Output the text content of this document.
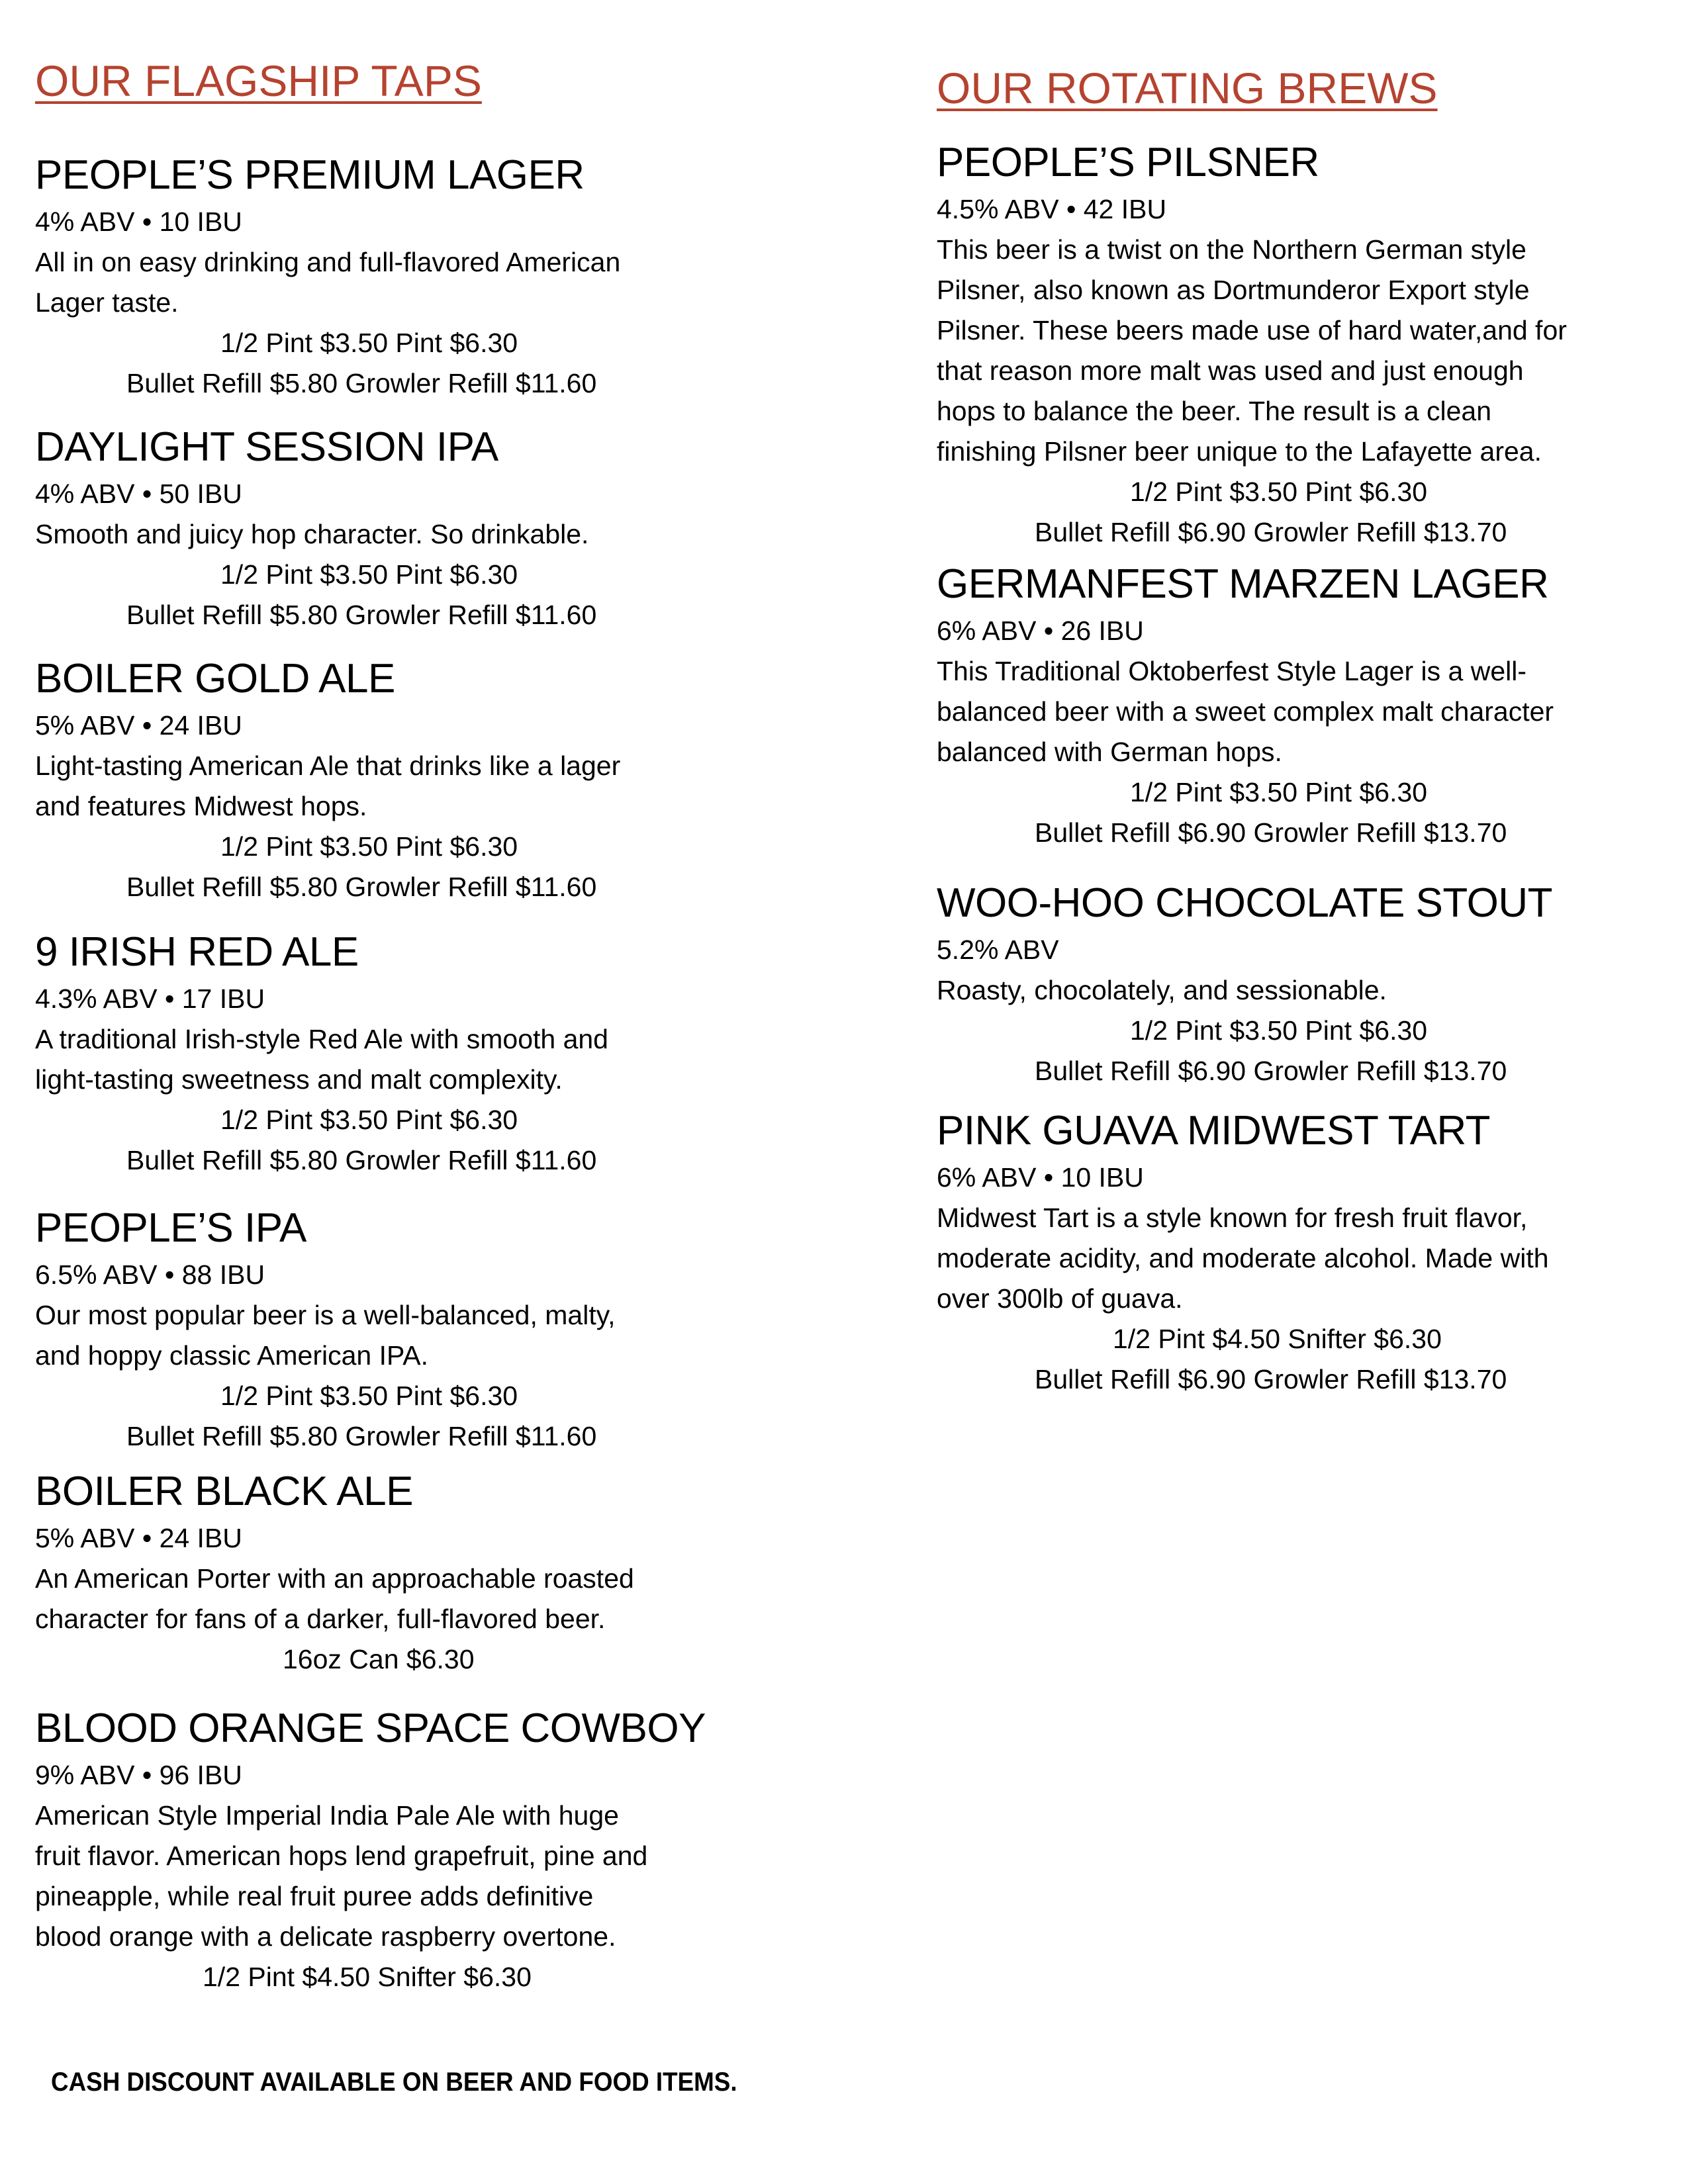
OUR FLAGSHIP TAPS
PEOPLE’S PREMIUM LAGER

4% ABV • 10 IBU

All in on easy drinking and full-flavored American

Lager taste.

1/2 Pint $3.50 Pint $6.30

Bullet Refill $5.80 Growler Refill $11.60

DAYLIGHT SESSION IPA

4% ABV • 50 IBU

Smooth and juicy hop character. So drinkable.

1/2 Pint $3.50 Pint $6.30

Bullet Refill $5.80 Growler Refill $11.60

BOILER GOLD ALE

5% ABV • 24 IBU

Light-tasting American Ale that drinks like a lager

and features Midwest hops.

1/2 Pint $3.50 Pint $6.30

Bullet Refill $5.80 Growler Refill $11.60

9 IRISH RED ALE

4.3% ABV • 17 IBU

A traditional Irish-style Red Ale with smooth and

light-tasting sweetness and malt complexity.

1/2 Pint $3.50 Pint $6.30

Bullet Refill $5.80 Growler Refill $11.60

PEOPLE’S IPA

6.5% ABV • 88 IBU

Our most popular beer is a well-balanced, malty,

and hoppy classic American IPA.

1/2 Pint $3.50 Pint $6.30

Bullet Refill $5.80 Growler Refill $11.60

BOILER BLACK ALE

5% ABV • 24 IBU

An American Porter with an approachable roasted

character for fans of a darker, full-flavored beer.

16oz Can $6.30

BLOOD ORANGE SPACE COWBOY

9% ABV • 96 IBU

American Style Imperial India Pale Ale with huge

fruit flavor. American hops lend grapefruit, pine and

pineapple, while real fruit puree adds definitive

blood orange with a delicate raspberry overtone.

1/2 Pint $4.50 Snifter $6.30

OUR ROTATING BREWS
PEOPLE’S PILSNER

4.5% ABV • 42 IBU

This beer is a twist on the Northern German style

Pilsner, also known as Dortmunderor Export style

Pilsner. These beers made use of hard water,and for

that reason more malt was used and just enough

hops to balance the beer. The result is a clean

finishing Pilsner beer unique to the Lafayette area.

1/2 Pint $3.50 Pint $6.30

Bullet Refill $6.90 Growler Refill $13.70

GERMANFEST MARZEN LAGER

6% ABV • 26 IBU

This Traditional Oktoberfest Style Lager is a well-

balanced beer with a sweet complex malt character

balanced with German hops.

1/2 Pint $3.50 Pint $6.30

Bullet Refill $6.90 Growler Refill $13.70

WOO-HOO CHOCOLATE STOUT

5.2% ABV

Roasty, chocolately, and sessionable.

1/2 Pint $3.50 Pint $6.30

Bullet Refill $6.90 Growler Refill $13.70

PINK GUAVA MIDWEST TART

6% ABV • 10 IBU

Midwest Tart is a style known for fresh fruit flavor,

moderate acidity, and moderate alcohol. Made with

over 300lb of guava.

1/2 Pint $4.50 Snifter $6.30

Bullet Refill $6.90 Growler Refill $13.70

CASH DISCOUNT AVAILABLE ON BEER AND FOOD ITEMS.
